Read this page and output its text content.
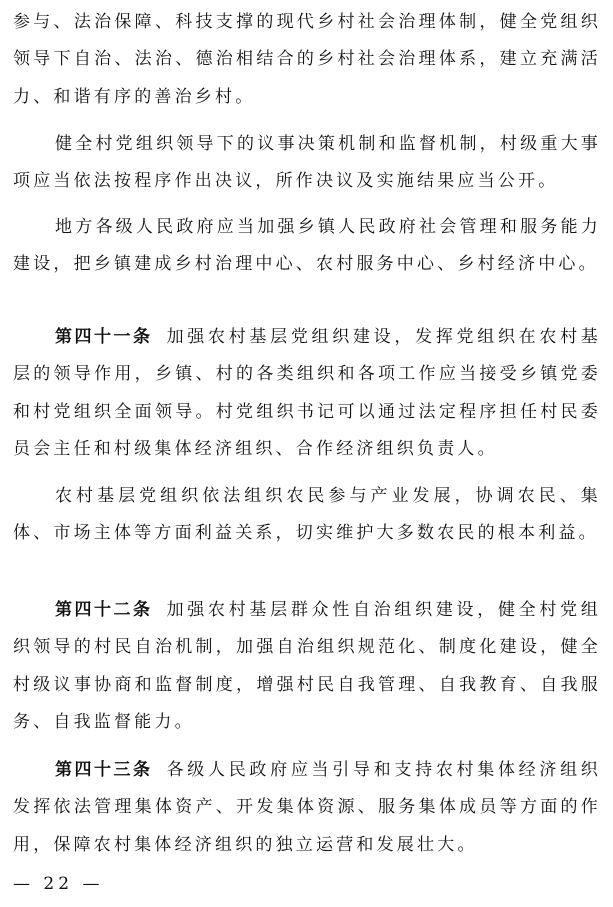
参与、法治保障、科技支撑的现代乡村社会治理体制，健全党组织领导下自治、法治、德治相结合的乡村社会治理体系，建立充满活力、和谐有序的善治乡村。

健全村党组织领导下的议事决策机制和监督机制，村级重大事项应当依法按程序作出决议，所作决议及实施结果应当公开。

地方各级人民政府应当加强乡镇人民政府社会管理和服务能力建设，把乡镇建成乡村治理中心、农村服务中心、乡村经济中心。

第四十一条 加强农村基层党组织建设，发挥党组织在农村基层的领导作用，乡镇、村的各类组织和各项工作应当接受乡镇党委和村党组织全面领导。村党组织书记可以通过法定程序担任村民委员会主任和村级集体经济组织、合作经济组织负责人。

农村基层党组织依法组织农民参与产业发展，协调农民、集体、市场主体等方面利益关系，切实维护大多数农民的根本利益。

第四十二条 加强农村基层群众性自治组织建设，健全村党组织领导的村民自治机制，加强自治组织规范化、制度化建设，健全村级议事协商和监督制度，增强村民自我管理、自我教育、自我服务、自我监督能力。

第四十三条 各级人民政府应当引导和支持农村集体经济组织发挥依法管理集体资产、开发集体资源、服务集体成员等方面的作用，保障农村集体经济组织的独立运营和发展壮大。

— 22 —
